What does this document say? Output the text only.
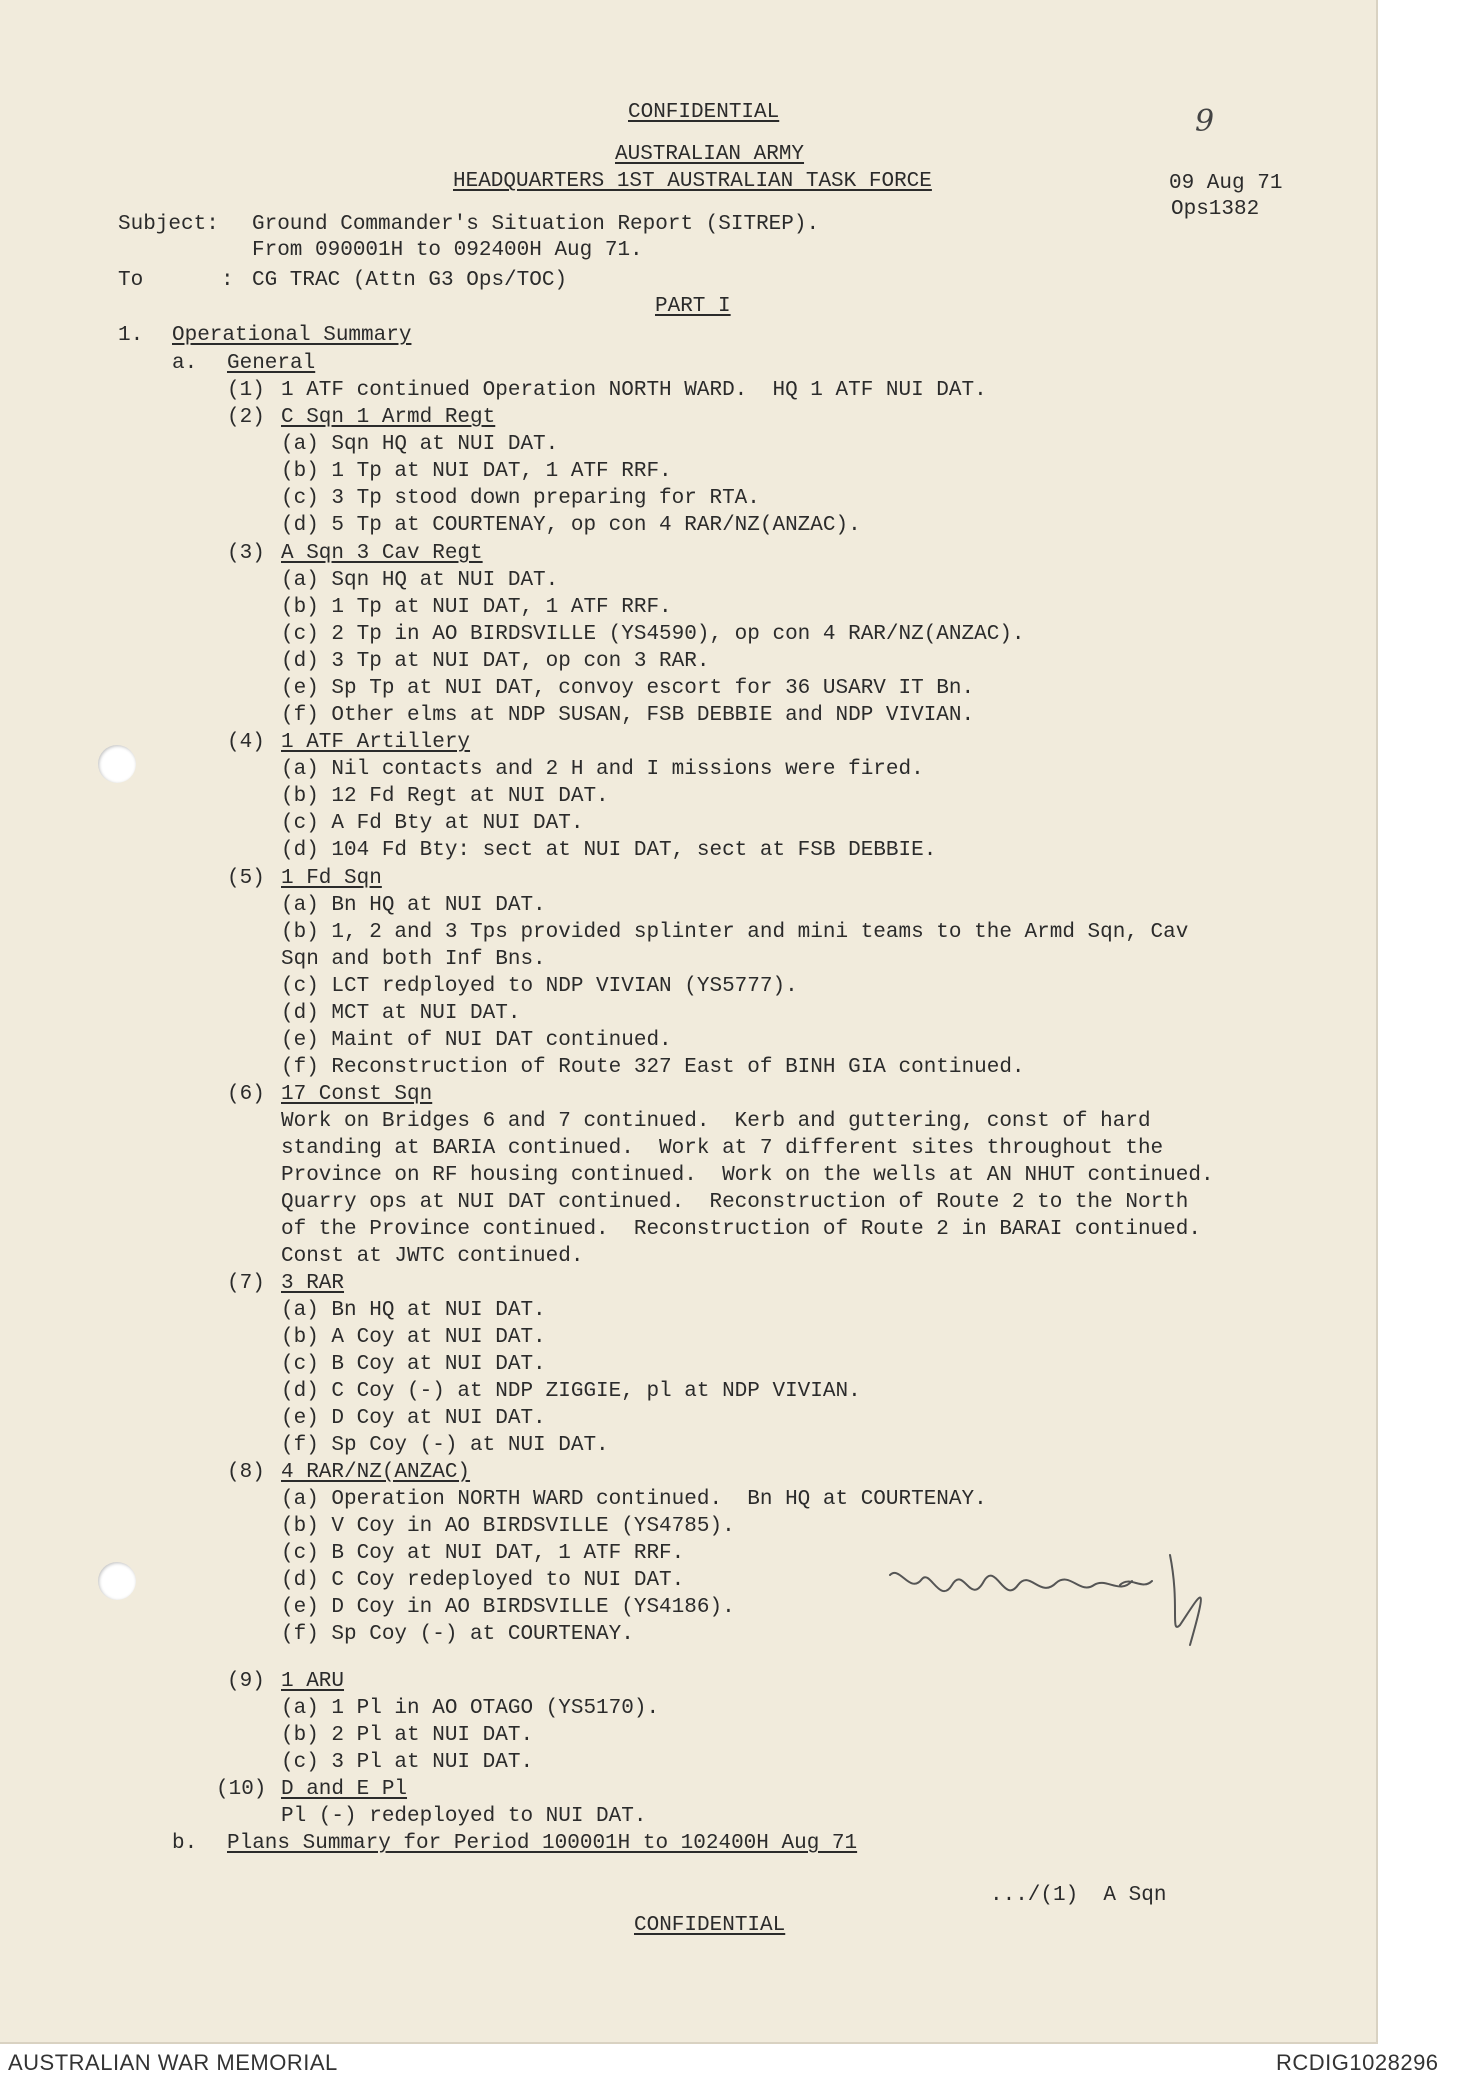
CONFIDENTIAL
AUSTRALIAN ARMY
HEADQUARTERS 1ST AUSTRALIAN TASK FORCE
9
09 Aug 71
Ops1382
Subject: Ground Commander's Situation Report (SITREP).
From 090001H to 092400H Aug 71.
To	: CG TRAC (Attn G3 Ops/TOC)
PART I
1. Operational Summary
a. General
(1) 1 ATF continued Operation NORTH WARD.  HQ 1 ATF NUI DAT.
(2) C Sqn 1 Armd Regt
(a) Sqn HQ at NUI DAT.
(b) 1 Tp at NUI DAT, 1 ATF RRF.
(c) 3 Tp stood down preparing for RTA.
(d) 5 Tp at COURTENAY, op con 4 RAR/NZ(ANZAC).
(3) A Sqn 3 Cav Regt
(a) Sqn HQ at NUI DAT.
(b) 1 Tp at NUI DAT, 1 ATF RRF.
(c) 2 Tp in AO BIRDSVILLE (YS4590), op con 4 RAR/NZ(ANZAC).
(d) 3 Tp at NUI DAT, op con 3 RAR.
(e) Sp Tp at NUI DAT, convoy escort for 36 USARV IT Bn.
(f) Other elms at NDP SUSAN, FSB DEBBIE and NDP VIVIAN.
(4) 1 ATF Artillery
(a) Nil contacts and 2 H and I missions were fired.
(b) 12 Fd Regt at NUI DAT.
(c) A Fd Bty at NUI DAT.
(d) 104 Fd Bty: sect at NUI DAT, sect at FSB DEBBIE.
(5) 1 Fd Sqn
(a) Bn HQ at NUI DAT.
(b) 1, 2 and 3 Tps provided splinter and mini teams to the Armd Sqn, Cav
Sqn and both Inf Bns.
(c) LCT redployed to NDP VIVIAN (YS5777).
(d) MCT at NUI DAT.
(e) Maint of NUI DAT continued.
(f) Reconstruction of Route 327 East of BINH GIA continued.
(6) 17 Const Sqn
Work on Bridges 6 and 7 continued.  Kerb and guttering, const of hard
standing at BARIA continued.  Work at 7 different sites throughout the
Province on RF housing continued.  Work on the wells at AN NHUT continued.
Quarry ops at NUI DAT continued.  Reconstruction of Route 2 to the North
of the Province continued.  Reconstruction of Route 2 in BARAI continued.
Const at JWTC continued.
(7) 3 RAR
(a) Bn HQ at NUI DAT.
(b) A Coy at NUI DAT.
(c) B Coy at NUI DAT.
(d) C Coy (-) at NDP ZIGGIE, pl at NDP VIVIAN.
(e) D Coy at NUI DAT.
(f) Sp Coy (-) at NUI DAT.
(8) 4 RAR/NZ(ANZAC)
(a) Operation NORTH WARD continued.  Bn HQ at COURTENAY.
(b) V Coy in AO BIRDSVILLE (YS4785).
(c) B Coy at NUI DAT, 1 ATF RRF.
(d) C Coy redeployed to NUI DAT.
(e) D Coy in AO BIRDSVILLE (YS4186).
(f) Sp Coy (-) at COURTENAY.
(9) 1 ARU
(a) 1 Pl in AO OTAGO (YS5170).
(b) 2 Pl at NUI DAT.
(c) 3 Pl at NUI DAT.
(10) D and E Pl
Pl (-) redeployed to NUI DAT.
b. Plans Summary for Period 100001H to 102400H Aug 71
.../(1)  A Sqn
CONFIDENTIAL
AUSTRALIAN WAR MEMORIAL	RCDIG1028296
